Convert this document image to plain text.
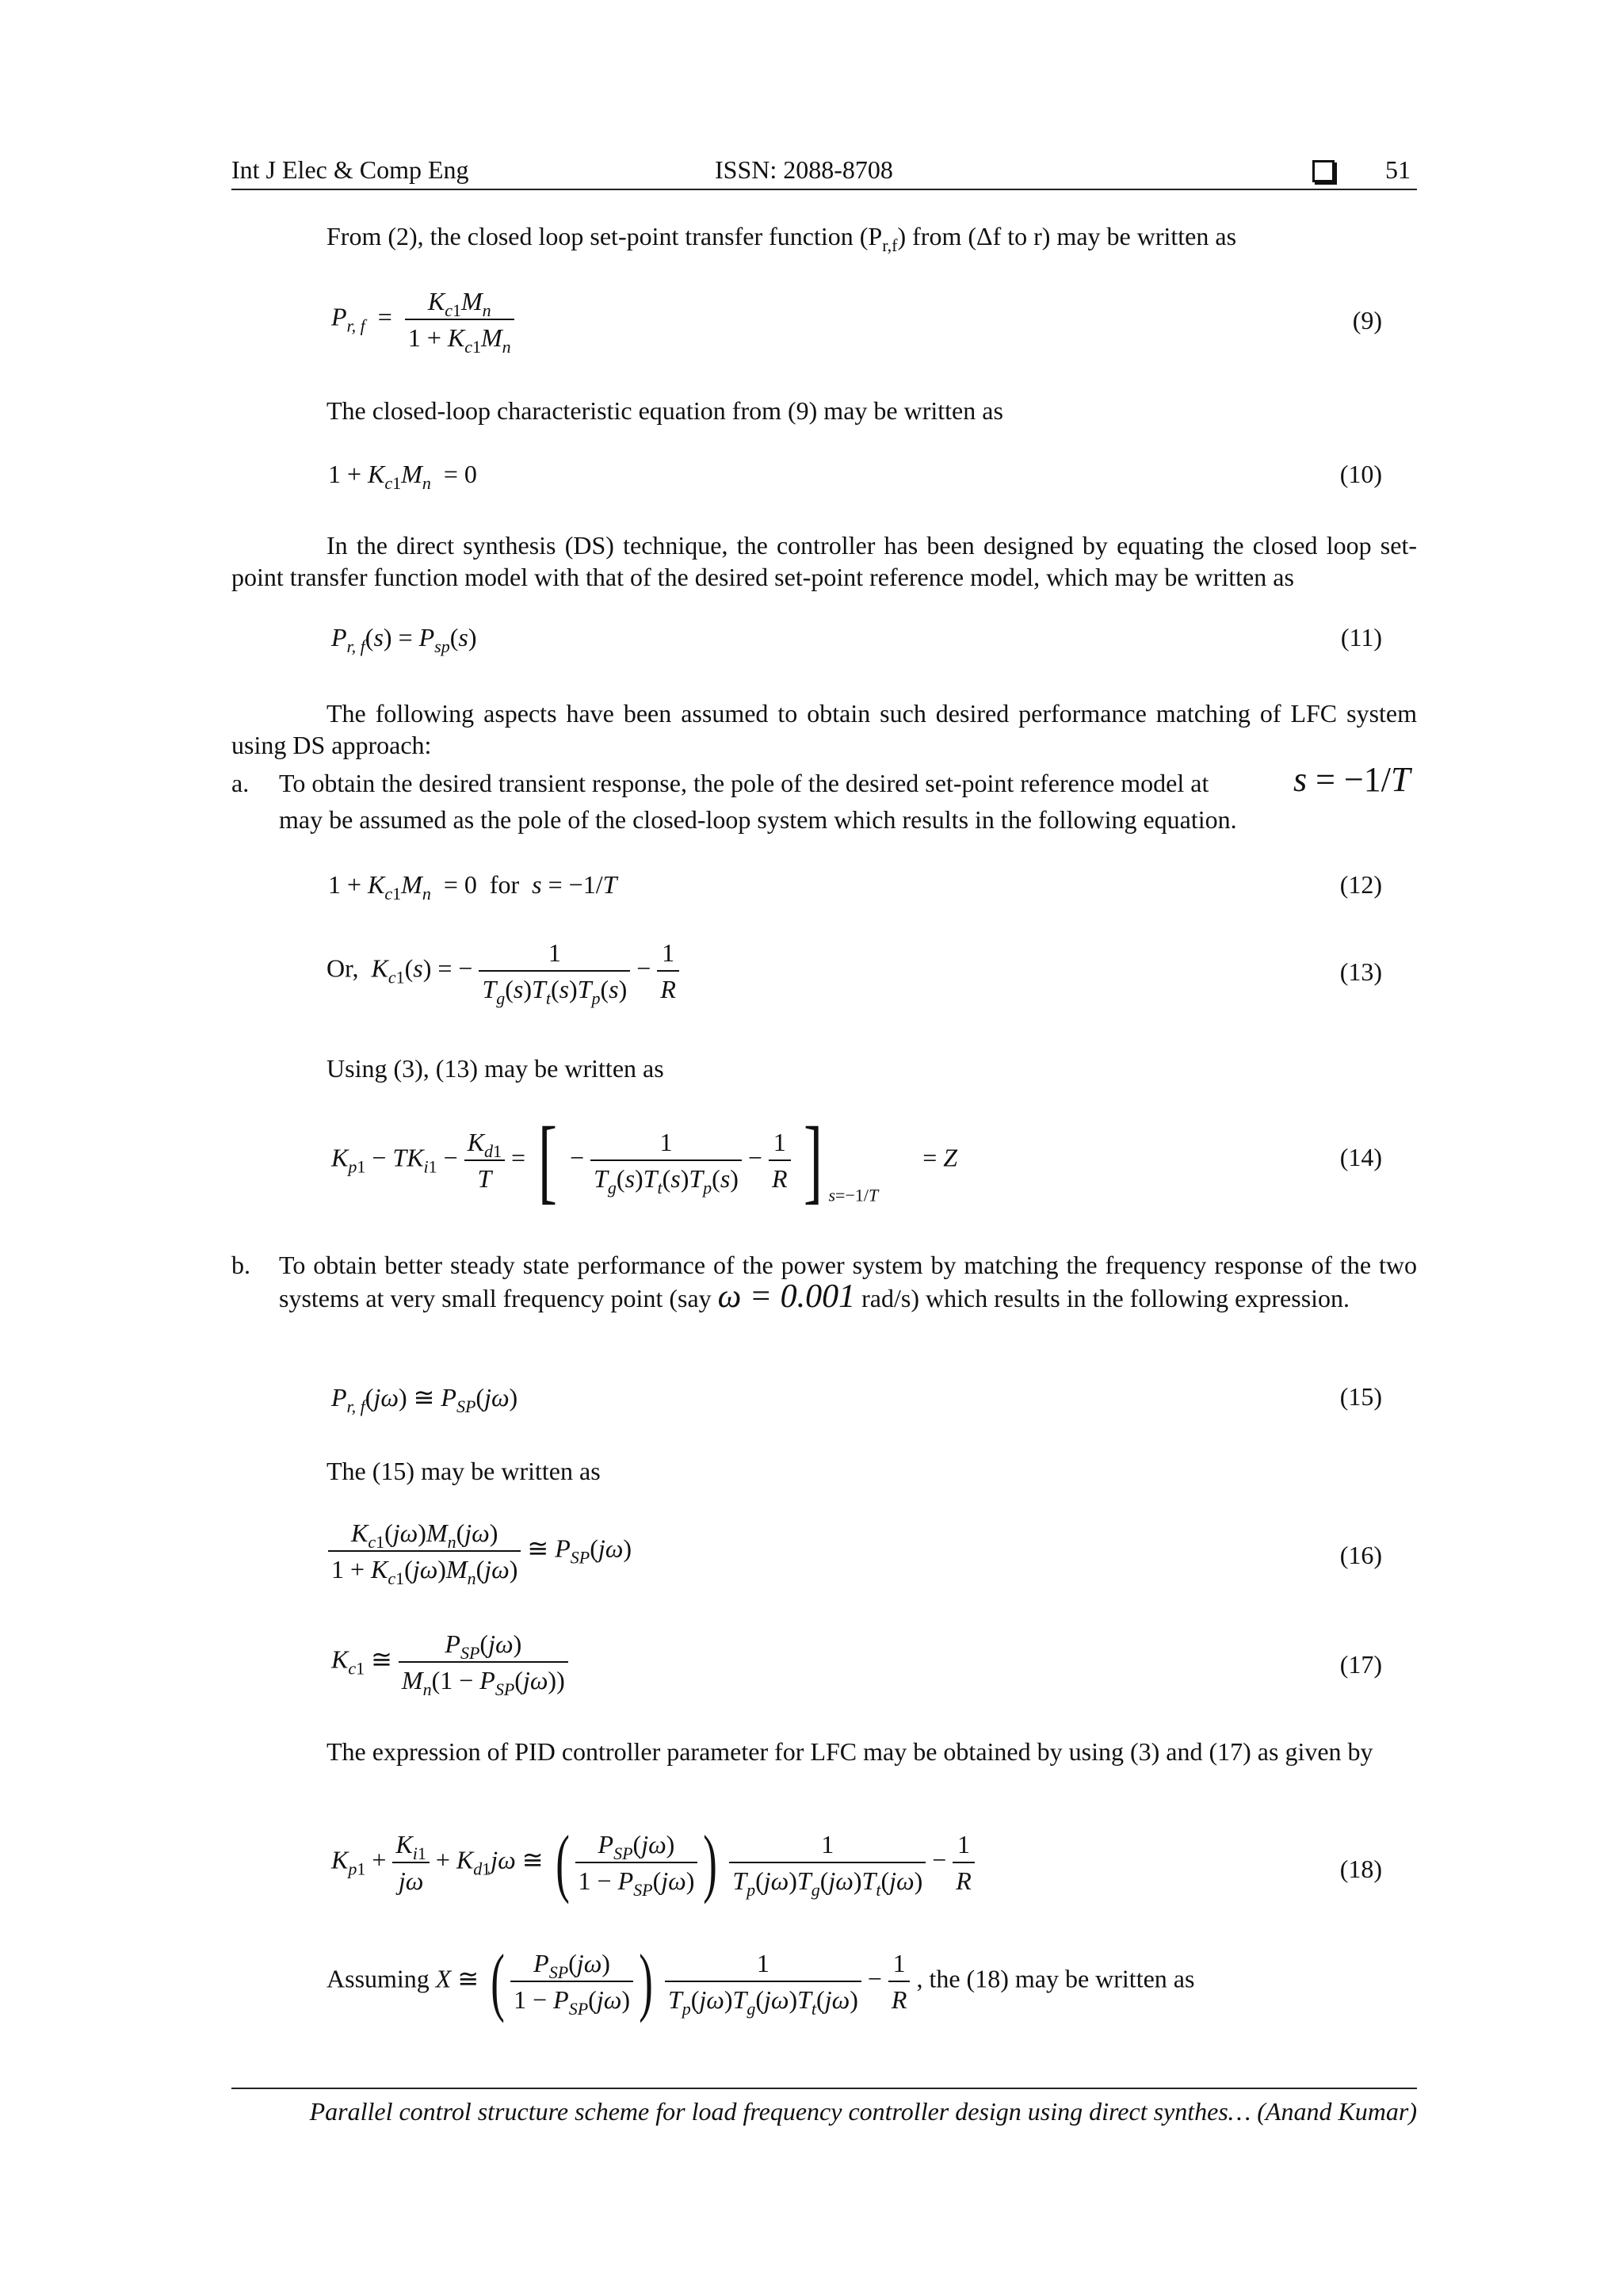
Int J Elec & Comp Eng	ISSN: 2088-8708	51
From (2), the closed loop set-point transfer function $(P_{r,f})$ from (Δf to r) may be written as
$P_{r, f} = \frac{K_{c1}M_n}{1 + K_{c1}M_n}$	(9)
The closed-loop characteristic equation from (9) may be written as
$1 + K_{c1}M_n = 0$	(10)
In the direct synthesis (DS) technique, the controller has been designed by equating the closed loop set-point transfer function model with that of the desired set-point reference model, which may be written as
$P_{r, f}(s) = P_{sp}(s)$	(11)
The following aspects have been assumed to obtain such desired performance matching of LFC system using DS approach:
a. To obtain the desired transient response, the pole of the desired set-point reference model at s = −1/T
may be assumed as the pole of the closed-loop system which results in the following equation.
$1 + K_{c1}M_n = 0$  for  s = −1/T	(12)
Or, $K_{c1}(s)$ = − $\frac{1}{T_g(s)T_t(s)T_p(s)} - \frac{1}{R}$	(13)
Using (3), (13) may be written as
$K_{p1} - TK_{i1} - \frac{K_{d1}}{T}$ = [ − $\frac{1}{T_g(s)T_t(s)T_p(s)} - \frac{1}{R}$ ] $_{s=-1/T}$       = Z	(14)
b. To obtain better steady state performance of the power system by matching the frequency response of the two systems at very small frequency point (say ω = 0.001 rad/s) which results in the following expression.
$P_{r, f}(j\omega)$ ≅ $P_{SP}(j\omega)$	(15)
The (15) may be written as
$\frac{K_{c1}(j\omega)M_n(j\omega)}{1 + K_{c1}(j\omega)M_n(j\omega)}$ ≅ $P_{SP}(j\omega)$	(16)
$K_{c1}$ ≅ $\frac{P_{SP}(j\omega)}{M_n(1 - P_{SP}(j\omega))}$	(17)
The expression of PID controller parameter for LFC may be obtained by using (3) and (17) as given by
$K_{p1} + \frac{K_{i1}}{j\omega} + K_{d1}j\omega$ ≅ ( $\frac{P_{SP}(j\omega)}{1 - P_{SP}(j\omega)}$ ) $\frac{1}{T_p(j\omega)T_g(j\omega)T_t(j\omega)} - \frac{1}{R}$	(18)
Assuming X ≅ ( $\frac{P_{SP}(j\omega)}{1 - P_{SP}(j\omega)}$ ) $\frac{1}{T_p(j\omega)T_g(j\omega)T_t(j\omega)} - \frac{1}{R}$ , the (18) may be written as
Parallel control structure scheme for load frequency controller design using direct synthes… (Anand Kumar)
